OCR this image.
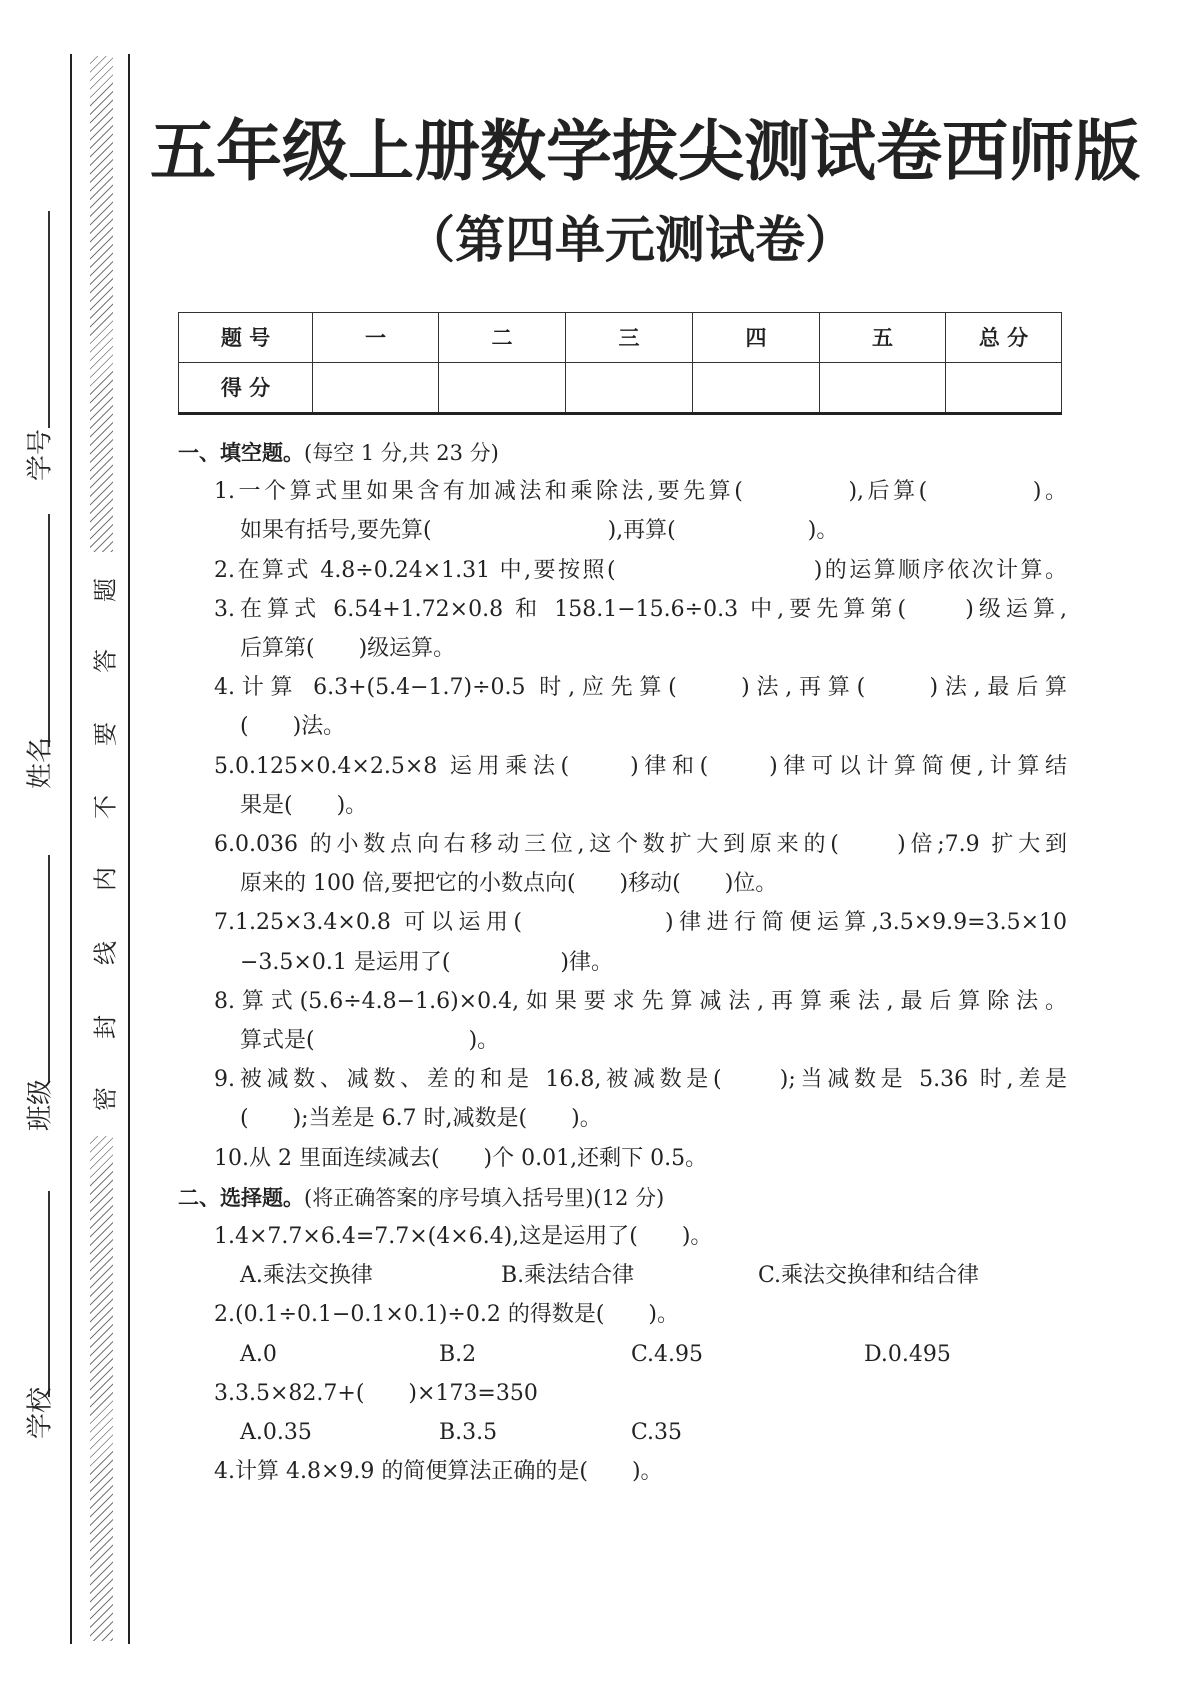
学号
姓名
班级
学校
题
答
要
不
内
线
封
密
五年级上册数学拔尖测试卷西师版
（第四单元测试卷）
题 号	一	二	三	四	五	总 分
得 分						
一、填空题。(每空 1 分,共 23 分)
1.一个算式里如果含有加减法和乘除法,要先算(　　　　),后算(　　　　)。
如果有括号,要先算(　　　　　　　　),再算(　　　　　　)。
2.在算式 4.8÷0.24×1.31 中,要按照(　　　　　　　　)的运算顺序依次计算。
3.在算式 6.54+1.72×0.8 和 158.1−15.6÷0.3 中,要先算第(　　)级运算,
后算第(　　)级运算。
4.计算 6.3+(5.4−1.7)÷0.5 时,应先算(　　)法,再算(　　)法,最后算
(　　)法。
5.0.125×0.4×2.5×8 运用乘法(　　)律和(　　)律可以计算简便,计算结
果是(　　)。
6.0.036 的小数点向右移动三位,这个数扩大到原来的(　　)倍;7.9 扩大到
原来的 100 倍,要把它的小数点向(　　)移动(　　)位。
7.1.25×3.4×0.8 可以运用(　　　　　)律进行简便运算,3.5×9.9=3.5×10
−3.5×0.1 是运用了(　　　　　)律。
8.算式(5.6÷4.8−1.6)×0.4,如果要求先算减法,再算乘法,最后算除法。
算式是(　　　　　　　)。
9.被减数、减数、差的和是 16.8,被减数是(　　);当减数是 5.36 时,差是
(　　);当差是 6.7 时,减数是(　　)。
10.从 2 里面连续减去(　　)个 0.01,还剩下 0.5。
二、选择题。(将正确答案的序号填入括号里)(12 分)
1.4×7.7×6.4=7.7×(4×6.4),这是运用了(　　)。
A.乘法交换律	B.乘法结合律	C.乘法交换律和结合律
2.(0.1÷0.1−0.1×0.1)÷0.2 的得数是(　　)。
A.0	B.2	C.4.95	D.0.495
3.3.5×82.7+(　　)×173=350
A.0.35	B.3.5	C.35
4.计算 4.8×9.9 的简便算法正确的是(　　)。
